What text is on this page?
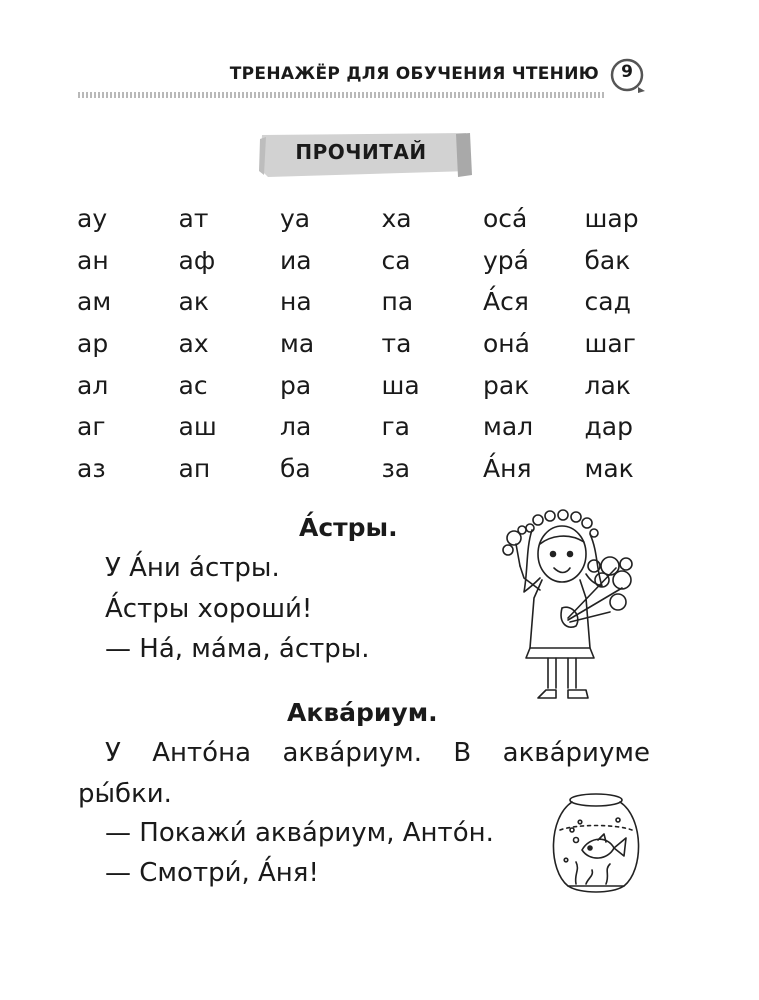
ТРЕНАЖЁР ДЛЯ ОБУЧЕНИЯ ЧТЕНИЮ	9
ПРОЧИТАЙ
ау	ат	уа	ха	оса́	шар
ан	аф	иа	са	ура́	бак
ам	ак	на	па	А́ся	сад
ар	ах	ма	та	она́	шаг
ал	ас	ра	ша	рак	лак
аг	аш	ла	га	мал	дар
аз	ап	ба	за	А́ня	мак
А́стры.
У А́ни а́стры.
А́стры хороши́!
— На́, ма́ма, а́стры.
Аква́риум.
У Анто́на аква́риум. В аква́риуме
ры́бки.
— Покажи́ аква́риум, Анто́н.
— Смотри́, А́ня!
